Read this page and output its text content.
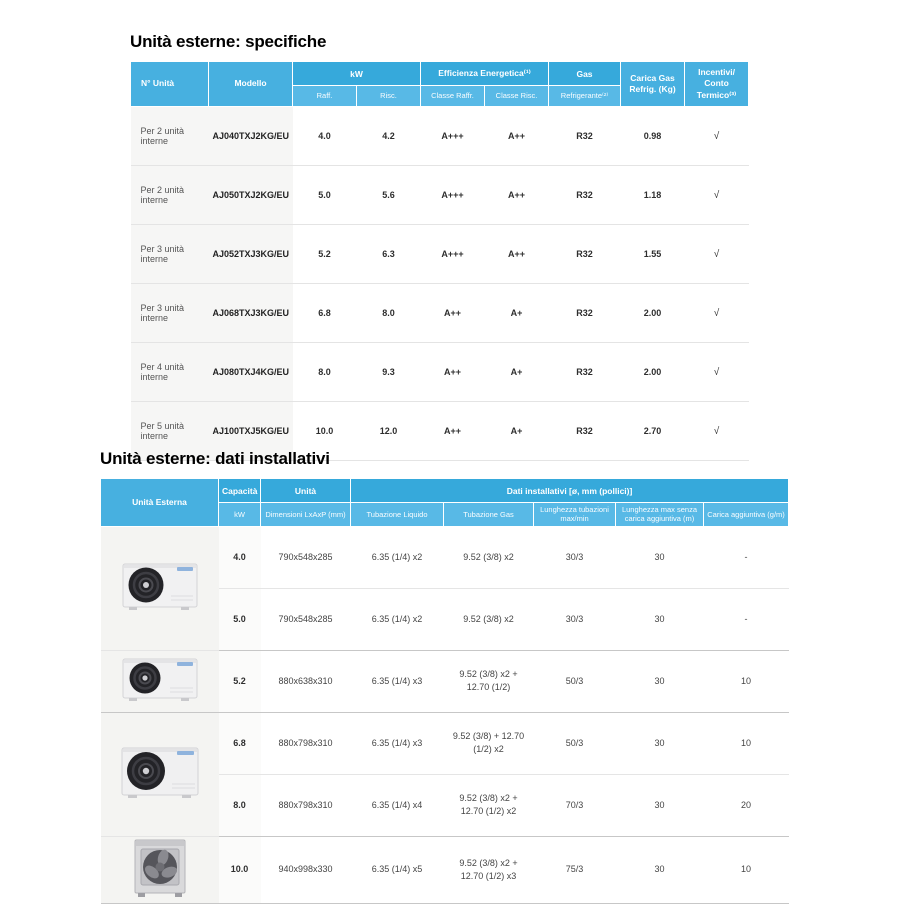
Unità esterne: specifiche
N° Unità	Modello	kW		Efficienza Energetica⁽¹⁾		Gas	Carica Gas Refrig. (Kg)	Incentivi/ Conto Termico⁽³⁾
		Raff.	Risc.	Classe Raffr.	Classe Risc.	Refrigerante⁽²⁾		
Per 2 unità interne	AJ040TXJ2KG/EU	4.0	4.2	A+++	A++	R32	0.98	√
Per 2 unità interne	AJ050TXJ2KG/EU	5.0	5.6	A+++	A++	R32	1.18	√
Per 3 unità interne	AJ052TXJ3KG/EU	5.2	6.3	A+++	A++	R32	1.55	√
Per 3 unità interne	AJ068TXJ3KG/EU	6.8	8.0	A++	A+	R32	2.00	√
Per 4 unità interne	AJ080TXJ4KG/EU	8.0	9.3	A++	A+	R32	2.00	√
Per 5 unità interne	AJ100TXJ5KG/EU	10.0	12.0	A++	A+	R32	2.70	√
Unità esterne: dati installativi
Unità Esterna	Capacità	Unità	Dati installativi [ø, mm (pollici)]				
	kW	Dimensioni LxAxP (mm)	Tubazione Liquido	Tubazione Gas	Lunghezza tubazioni max/min	Lunghezza max senza carica aggiuntiva (m)	Carica aggiuntiva (g/m)
	4.0	790x548x285	6.35 (1/4) x2	9.52 (3/8) x2	30/3	30	-
	5.0	790x548x285	6.35 (1/4) x2	9.52 (3/8) x2	30/3	30	-
	5.2	880x638x310	6.35 (1/4) x3	9.52 (3/8) x2 + 12.70 (1/2)	50/3	30	10
	6.8	880x798x310	6.35 (1/4) x3	9.52 (3/8) + 12.70 (1/2) x2	50/3	30	10
	8.0	880x798x310	6.35 (1/4) x4	9.52 (3/8) x2 + 12.70 (1/2) x2	70/3	30	20
	10.0	940x998x330	6.35 (1/4) x5	9.52 (3/8) x2 + 12.70 (1/2) x3	75/3	30	10
